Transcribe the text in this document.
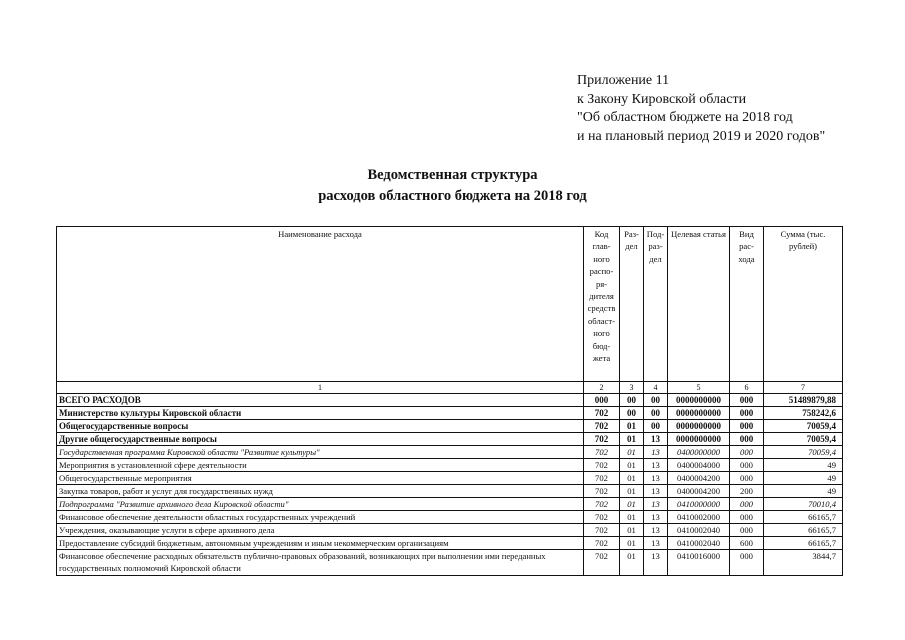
Приложение 11
к Закону Кировской области
"Об областном бюджете на 2018 год
и на плановый период 2019 и 2020 годов"
Ведомственная структура
расходов областного бюджета на 2018 год
Наименование расхода	Код глав-ного распо-ря-дителя средств област-ного бюд-жета	Раз-дел	Под-раз-дел	Целевая статья	Вид рас-хода	Сумма (тыс. рублей)
1	2	3	4	5	6	7
ВСЕГО РАСХОДОВ	000	00	00	0000000000	000	51489879,88
Министерство культуры Кировской области	702	00	00	0000000000	000	758242,6
Общегосударственные вопросы	702	01	00	0000000000	000	70059,4
Другие общегосударственные вопросы	702	01	13	0000000000	000	70059,4
Государственная программа Кировской области "Развитие культуры"	702	01	13	0400000000	000	70059,4
Мероприятия в установленной сфере деятельности	702	01	13	0400004000	000	49
Общегосударственные мероприятия	702	01	13	0400004200	000	49
Закупка товаров, работ и услуг для государственных нужд	702	01	13	0400004200	200	49
Подпрограмма "Развитие архивного дела Кировской области"	702	01	13	0410000000	000	70010,4
Финансовое обеспечение деятельности областных государственных учреждений	702	01	13	0410002000	000	66165,7
Учреждения, оказывающие услуги в сфере архивного дела	702	01	13	0410002040	000	66165,7
Предоставление субсидий бюджетным, автономным учреждениям и иным некоммерческим организациям	702	01	13	0410002040	600	66165,7
Финансовое обеспечение расходных обязательств публично-правовых образований, возникающих при выполнении ими переданных государственных полномочий Кировской области	702	01	13	0410016000	000	3844,7
